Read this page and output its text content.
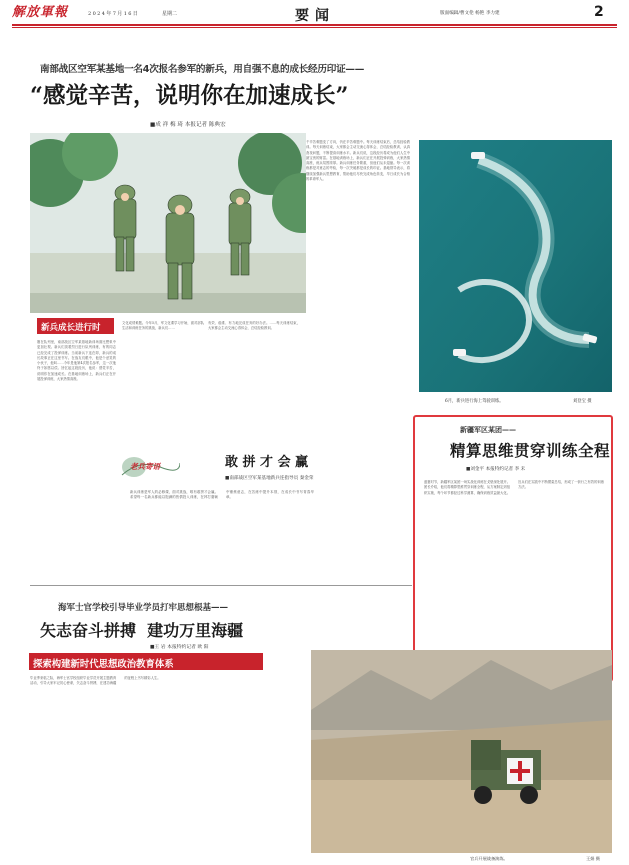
解放軍報	2024年7月16日	星期二	要闻	版面编辑/曹文伦 杨艳 李力建	2
南部战区空军某基地一名4次报名参军的新兵，用自强不息的成长经历印证——
“感觉辛苦，说明你在加速成长”
■成 祥 梅 琦 本报记者 陈典宏
新兵成长进行时
刚在队列里，南部战区空军某基地新训场面比想象中更加壮观。新兵们顶着烈日进行队列训练，有的同志已经完成了投弹训练。当前新兵下连在即，新兵的成长故事正在这里书写。在战友们眼中，他是个爱笑的小伙子，他叫……今年是他第4次报名参军，这一次他终于如愿以偿。回忆起这段经历，他说：感觉辛苦，说明你在加速成长。在基地训练场上，新兵们正在开展投弹训练，大家热情高涨。
文化成绩难题。今年5月，军文化课学习开始，面对部队生活和训练任务的挑战，新兵们……
有效、稳准、有力地完成任务的好办法。……每天训练结束，大家都会主动交流心得体会，总结经验教训。
千辛苦难题变了方向，仍在辛苦难题中。每天训练结束后，总结经验教训。每天训练结束，大家都会主动交流心得体会，总结经验教训，认真查找问题，不断提高训练水平。新兵们说，这段经历将成为他们人生中最宝贵的财富。在基地训练场上，新兵们正在开展投弹训练，大家热情高涨，练兵氛围浓厚。新兵训练任务繁重，但他们从未退缩。每一次训练都是对意志的考验，每一次突破都是成长的印证。基地领导表示，将继续加强新兵思想教育，帮助他们尽快完成角色转变，早日成长为合格的革命军人。
老兵寄语	敢 拼 才 会 赢
■南部战区空军某基地新兵连指导员 秦金荣
新兵训练是军人的必修课，面对挑战，唯有敢拼才会赢。希望每一名新兵都能以饱满的热情投入训练，在摔打磨砺中锤炼意志，在苦练中提升本领，在成长中书写青春华章。
6月，新兵进行海上驾驶训练。	刘登宝 摄
新疆军区某团——
精算思维贯穿训练全程
■刘金平 本报特约记者 李 未
盛夏时节，新疆军区某团一场实战化训练在戈壁深处展开。团长介绍，他们将精算思维贯穿训练全程，从方案制定到组织实施，每个环节都经过科学测算，确保训练效益最大化。官兵们在实践中不断摸索总结，形成了一套行之有效的训练方法。
海军士官学校引导毕业学员打牢思想根基——
矢志奋斗拼搏  建功万里海疆
■王 岩 本报特约记者 欧 阳
探索构建新时代思想政治教育体系
毕业季来临之际，海军士官学校组织毕业学员开展主题教育活动，引导大家牢记初心使命，矢志奋斗拼搏，在建功海疆的征程上书写精彩人生。
官兵开展战备演练。	王娟 摄
